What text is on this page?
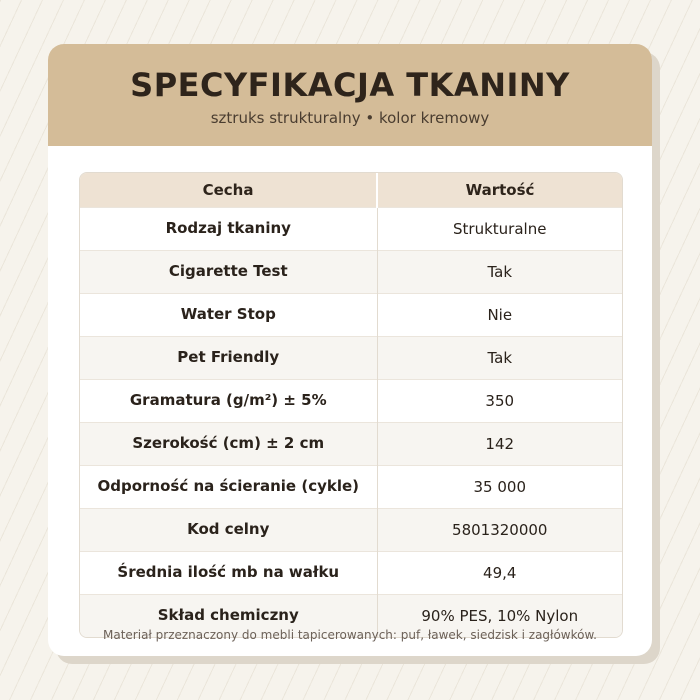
SPECYFIKACJA TKANINY
sztruks strukturalny • kolor kremowy
Cecha	Wartość
Rodzaj tkaniny	Strukturalne
Cigarette Test	Tak
Water Stop	Nie
Pet Friendly	Tak
Gramatura (g/m²) ± 5%	350
Szerokość (cm) ± 2 cm	142
Odporność na ścieranie (cykle)	35 000
Kod celny	5801320000
Średnia ilość mb na wałku	49,4
Skład chemiczny	90% PES, 10% Nylon
Materiał przeznaczony do mebli tapicerowanych: puf, ławek, siedzisk i zagłówków.
